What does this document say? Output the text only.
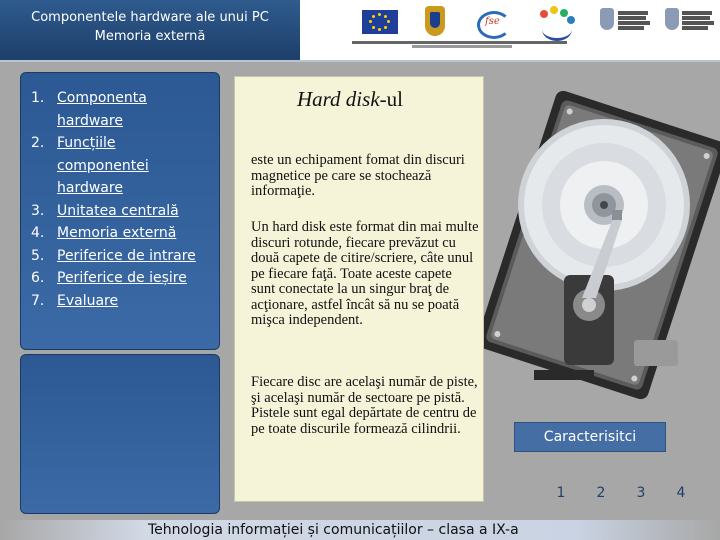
Componentele hardware ale unui PC
Memoria externă
fse
1. Componenta hardware
2. Funcțiile componentei hardware
3. Unitatea centrală
4. Memoria externă
5. Periferice de intrare
6. Periferice de ieșire
7. Evaluare
Hard disk-ul
este un echipament fomat din discuri magnetice pe care se stochează informaţie.
Un hard disk este format din mai multe discuri rotunde, fiecare prevăzut cu două capete de citire/scriere, câte unul pe fiecare faţă. Toate aceste capete sunt conectate la un singur braţ de acţionare, astfel încât să nu se poată mişca independent.
Fiecare disc are acelaşi număr de piste, şi acelaşi număr de sectoare pe pistă. Pistele sunt egal depărtate de centru de pe toate discurile formează cilindrii.
Caracterisitci
1	2	3	4
Tehnologia informației și comunicațiilor – clasa a IX-a
